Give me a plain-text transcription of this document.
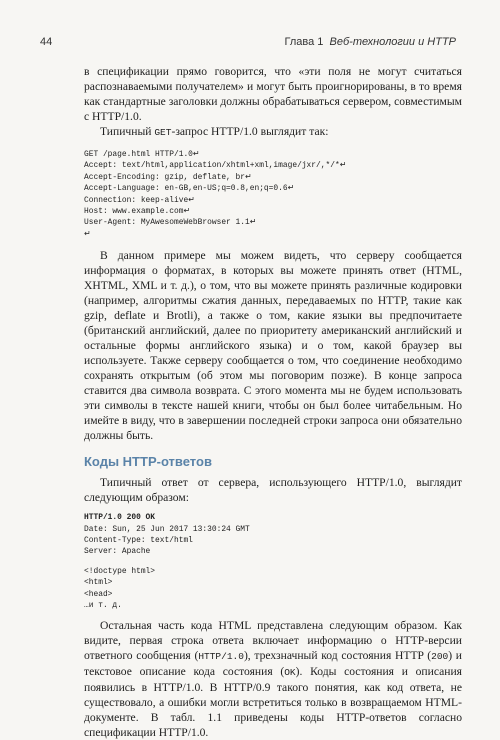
44	Глава 1 Веб-технологии и HTTP

в спецификации прямо говорится, что «эти поля не могут считаться распознаваемыми получателем» и могут быть проигнорированы, в то время как стандартные заголовки должны обрабатываться сервером, совместимым с HTTP/1.0.

Типичный GET-запрос HTTP/1.0 выглядит так:

GET /page.html HTTP/1.0↵
Accept: text/html,application/xhtml+xml,image/jxr/,*/*↵
Accept-Encoding: gzip, deflate, br↵
Accept-Language: en-GB,en-US;q=0.8,en;q=0.6↵
Connection: keep-alive↵
Host: www.example.com↵
User-Agent: MyAwesomeWebBrowser 1.1↵
↵

В данном примере мы можем видеть, что серверу сообщается информация о форматах, в которых вы можете принять ответ (HTML, XHTML, XML и т. д.), о том, что вы можете принять различные кодировки (например, алгоритмы сжатия данных, передаваемых по HTTP, такие как gzip, deflate и Brotli), а также о том, какие языки вы предпочитаете (британский английский, далее по приоритету американский английский и остальные формы английского языка) и о том, какой браузер вы используете. Также серверу сообщается о том, что соединение необходимо сохранять открытым (об этом мы поговорим позже). В конце запроса ставится два символа возврата. С этого момента мы не будем использовать эти символы в тексте нашей книги, чтобы он был более читабельным. Но имейте в виду, что в завершении последней строки запроса они обязательно должны быть.

Коды HTTP-ответов

Типичный ответ от сервера, использующего HTTP/1.0, выглядит следующим образом:

HTTP/1.0 200 OK
Date: Sun, 25 Jun 2017 13:30:24 GMT
Content-Type: text/html
Server: Apache
<!doctype html>
<html>
<head>
…и т. д.

Остальная часть кода HTML представлена следующим образом. Как видите, первая строка ответа включает информацию о HTTP-версии ответного сообщения (HTTP/1.0), трехзначный код состояния HTTP (200) и текстовое описание кода состояния (OK). Коды состояния и описания появились в HTTP/1.0. В HTTP/0.9 такого понятия, как код ответа, не существовало, а ошибки могли встретиться только в возвращаемом HTML-документе. В табл. 1.1 приведены коды HTTP-ответов согласно спецификации HTTP/1.0.
